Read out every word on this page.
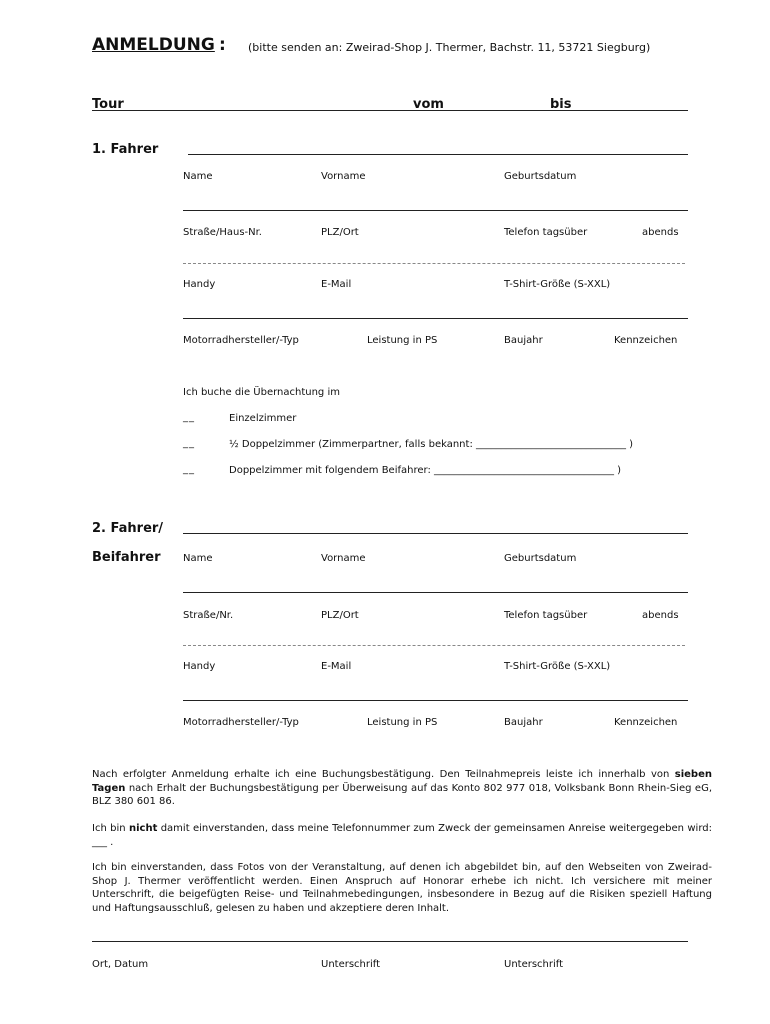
ANMELDUNG : (bitte senden an: Zweirad-Shop J. Thermer, Bachstr. 11, 53721 Siegburg)
Tour	vom	bis
1. Fahrer
Name	Vorname	Geburtsdatum
Straße/Haus-Nr.	PLZ/Ort	Telefon tagsüber	abends
Handy	E-Mail	T-Shirt-Größe (S-XXL)
Motorradhersteller/-Typ	Leistung in PS	Baujahr	Kennzeichen
Ich buche die Übernachtung im
__	Einzelzimmer
__	½ Doppelzimmer (Zimmerpartner, falls bekannt: ______________________________ )
__	Doppelzimmer mit folgendem Beifahrer: ____________________________________ )
2. Fahrer/
Beifahrer Name	Vorname	Geburtsdatum
Straße/Nr.	PLZ/Ort	Telefon tagsüber	abends
Handy	E-Mail	T-Shirt-Größe (S-XXL)
Motorradhersteller/-Typ	Leistung in PS	Baujahr	Kennzeichen
Nach erfolgter Anmeldung erhalte ich eine Buchungsbestätigung. Den Teilnahmepreis leiste ich innerhalb von sieben Tagen nach Erhalt der Buchungsbestätigung per Überweisung auf das Konto 802 977 018, Volksbank Bonn Rhein-Sieg eG, BLZ 380 601 86.
Ich bin nicht damit einverstanden, dass meine Telefonnummer zum Zweck der gemeinsamen Anreise weitergegeben wird: ___ .
Ich bin einverstanden, dass Fotos von der Veranstaltung, auf denen ich abgebildet bin, auf den Webseiten von Zweirad-Shop J. Thermer veröffentlicht werden. Einen Anspruch auf Honorar erhebe ich nicht. Ich versichere mit meiner Unterschrift, die beigefügten Reise- und Teilnahmebedingungen, insbesondere in Bezug auf die Risiken speziell Haftung und Haftungsausschluß, gelesen zu haben und akzeptiere deren Inhalt.
Ort, Datum	Unterschrift	Unterschrift
